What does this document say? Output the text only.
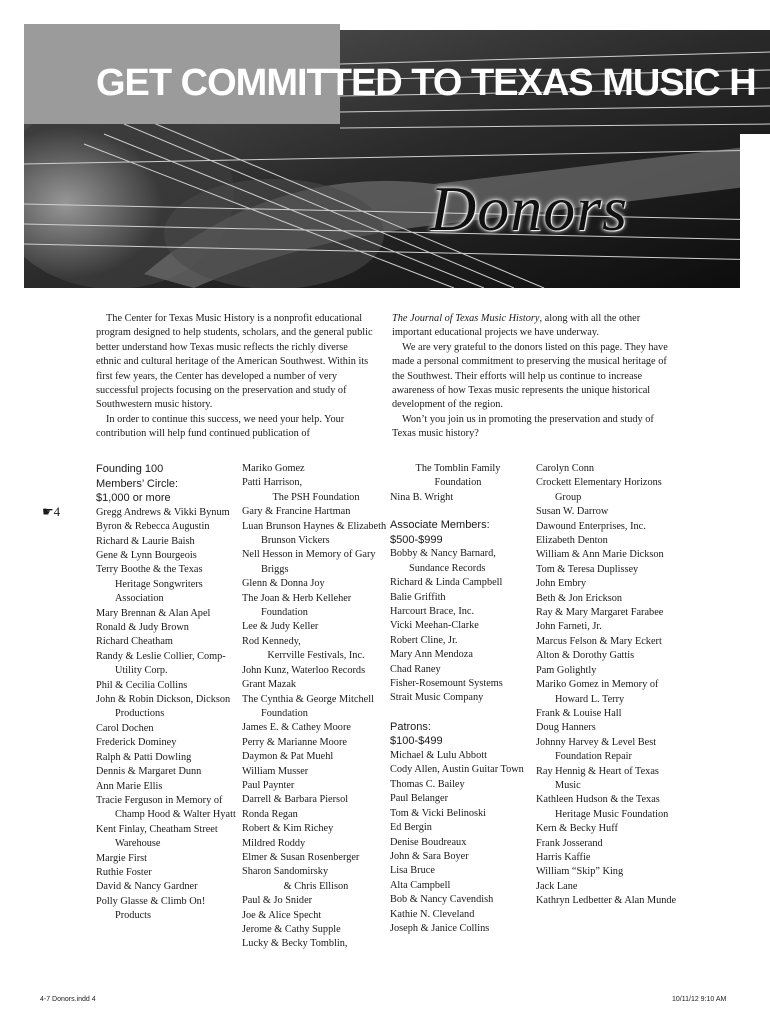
GET COMMITTED TO TEXAS MUSIC H
Donors

The Center for Texas Music History is a nonprofit educational program designed to help students, scholars, and the general public better understand how Texas music reflects the richly diverse ethnic and cultural heritage of the American Southwest. Within its first few years, the Center has developed a number of very successful projects focusing on the preservation and study of Southwestern music history.

In order to continue this success, we need your help. Your contribution will help fund continued publication of

The Journal of Texas Music History, along with all the other important educational projects we have underway.

We are very grateful to the donors listed on this page. They have made a personal commitment to preserving the musical heritage of the Southwest. Their efforts will help us continue to increase awareness of how Texas music represents the unique historical development of the region.

Won’t you join us in promoting the preservation and study of Texas music history?

☛4
Founding 100
Members’ Circle:
$1,000 or more
Gregg Andrews & Vikki Bynum
Byron & Rebecca Augustin
Richard & Laurie Baish
Gene & Lynn Bourgeois
Terry Boothe & the Texas Heritage Songwriters Association
Mary Brennan & Alan Apel
Ronald & Judy Brown
Richard Cheatham
Randy & Leslie Collier, Comp-Utility Corp.
Phil & Cecilia Collins
John & Robin Dickson, Dickson Productions
Carol Dochen
Frederick Dominey
Ralph & Patti Dowling
Dennis & Margaret Dunn
Ann Marie Ellis
Tracie Ferguson in Memory of Champ Hood & Walter Hyatt
Kent Finlay, Cheatham Street Warehouse
Margie First
Ruthie Foster
David & Nancy Gardner
Polly Glasse & Climb On! Products
Mariko Gomez
Patti Harrison,
The PSH Foundation
Gary & Francine Hartman
Luan Brunson Haynes & Elizabeth Brunson Vickers
Nell Hesson in Memory of Gary Briggs
Glenn & Donna Joy
The Joan & Herb Kelleher Foundation
Lee & Judy Keller
Rod Kennedy,
Kerrville Festivals, Inc.
John Kunz, Waterloo Records
Grant Mazak
The Cynthia & George Mitchell Foundation
James E. & Cathey Moore
Perry & Marianne Moore
Daymon & Pat Muehl
William Musser
Paul Paynter
Darrell & Barbara Piersol
Ronda Regan
Robert & Kim Richey
Mildred Roddy
Elmer & Susan Rosenberger
Sharon Sandomirsky
& Chris Ellison
Paul & Jo Snider
Joe & Alice Specht
Jerome & Cathy Supple
Lucky & Becky Tomblin,
The Tomblin Family
Foundation
Nina B. Wright
Associate Members:
$500-$999
Bobby & Nancy Barnard, Sundance Records
Richard & Linda Campbell
Balie Griffith
Harcourt Brace, Inc.
Vicki Meehan-Clarke
Robert Cline, Jr.
Mary Ann Mendoza
Chad Raney
Fisher-Rosemount Systems
Strait Music Company
Patrons:
$100-$499
Michael & Lulu Abbott
Cody Allen, Austin Guitar Town
Thomas C. Bailey
Paul Belanger
Tom & Vicki Belinoski
Ed Bergin
Denise Boudreaux
John & Sara Boyer
Lisa Bruce
Alta Campbell
Bob & Nancy Cavendish
Kathie N. Cleveland
Joseph & Janice Collins
Carolyn Conn
Crockett Elementary Horizons Group
Susan W. Darrow
Dawound Enterprises, Inc.
Elizabeth Denton
William & Ann Marie Dickson
Tom & Teresa Duplissey
John Embry
Beth & Jon Erickson
Ray & Mary Margaret Farabee
John Farneti, Jr.
Marcus Felson & Mary Eckert
Alton & Dorothy Gattis
Pam Golightly
Mariko Gomez in Memory of Howard L. Terry
Frank & Louise Hall
Doug Hanners
Johnny Harvey & Level Best Foundation Repair
Ray Hennig & Heart of Texas Music
Kathleen Hudson & the Texas Heritage Music Foundation
Kern & Becky Huff
Frank Josserand
Harris Kaffie
William “Skip” King
Jack Lane
Kathryn Ledbetter & Alan Munde
4-7 Donors.indd 4	10/11/12 9:10 AM
